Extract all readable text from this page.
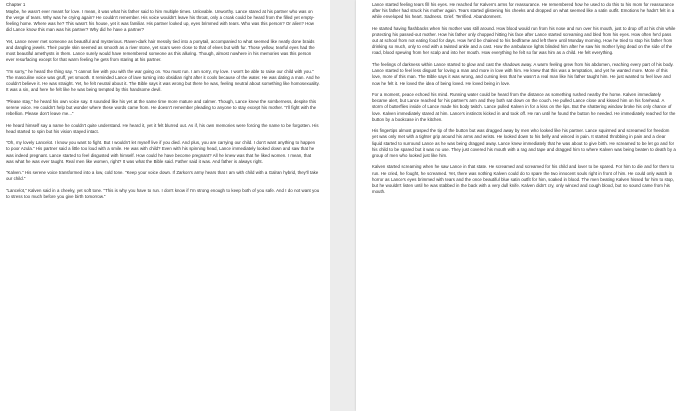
Chapter 1

Maybe, he wasn't ever meant for love. I mean, it was what his father said to him multiple times. Unlovable. Unworthy. Lance stared at his partner who was on the verge of tears. Why was he crying again? He couldn't remember. His voice wouldn't leave his throat, only a croak could be heard from the filled yet empty-feeling home. Where was he? This wasn't his house, yet it was familiar. His partner looked up, eyes brimmed with tears. Who was this person? Or alien? How did Lance know this man was his partner? Why did he have a partner?

Yet, Lance never met someone as beautiful and mysterious. Raven-dark hair messily tied into a ponytail, accompanied to what seemed like neatly done braids and dangling jewels. Their purple skin seemed as smooth as a river stone, yet scars were close to that of elves but with fur. Those yellow, tearful eyes had the most beautiful amethysts in them. Lance surely would have remembered someone as this alluring. Though, almost nowhere in his memories was this person ever resurfacing except for that warm feeling he gets from staring at his partner.

"I'm sorry," he heard the thing say. "I cannot live with you with the war going on. You must run. I am sorry, my love. I won't be able to raise our child with you." The masculine voice was gruff, yet smooth. It reminded Lance of lave turning into obsidian right after it cools because of the water. He was dating a man. And he couldn't believe it. He was straight. Yet, he felt neutral about it. The Bible says it was wrong but there he was, feeling neutral about something like homosexuality. It was a sin, and here he felt like he was being tempted by this handsome devil.

"Please stay," he heard his own voice say. It sounded like his yet at the same time more mature and calmer. Though, Lance knew the somberness, despite this serene voice. He couldn't help but wonder where these words came from. He doesn't remember pleading to anyone to stay except his mother. "I'll fight with the rebellion. Please don't leave me..."

He heard himself say a name he couldn't quite understand. He heard it, yet it felt blurred out. As if, his own memories were forcing the name to be forgotten. His head started to spin but his vision stayed intact.

"Oh, my lovely Lancelot. I know you want to fight. But I wouldn't let myself live if you died. And plus, you are carrying our child. I don't want anything to happen to poor Azula." His partner said a little too loud with a smile. He was with child? Even with his spinning head, Lance immediately looked down and saw that he was indeed pregnant. Lance started to feel disgusted with himself. How could he have become pregnant? All he knew was that he liked women. I mean, that was what he was ever taught. Real men like women, right? It was what the Bible said. Father said it was. And father is always right.

"Kalven." His serene voice transformed into a low, cold tone. "Keep your voice down. If Zarkon's army hears that I am with child with a Galran hybrid, they'll take our child."

"Lancelot," Kalven said in a cheeky, yet soft tone. "This is why you have to run. I don't know if I'm strong enough to keep both of you safe. And I do not want you to stress too much before you give birth tomorrow."

Lance started feeling tears fill his eyes. He reached for Kalven's arms for reassurance. He remembered how he used to do this to his mom for reassurance after his father had struck his mother again. Tears started glistening his cheeks and dropped on what seemed like a satin outfit. Emotions he hadn't felt in a while enveloped his heart. Sadness. Grief. Terrified. Abandonment.

He started having flashbacks when his mother was still around. How blood would run from his nose and run over his mouth, just to drop off at his chin while protecting his passed-out mother. How his father only chopped hitting his face after Lance started screaming and bled from his eyes. How often he'd pass out at school from not eating food for days. How he'd be chained to his bedframe and left there until Monday morning. How he tried to stop his father from drinking so much, only to end with a twisted ankle and a cast. How the ambulance lights blinded him after he saw his mother lying dead on the side of the road, blood spewing from her scalp and into her mouth. How everything he felt so far was him as a child. He felt everything.

The feelings of darkness within Lance started to glow and cast the shadows away. A warm feeling grew from his abdomen, reaching every part of his body. Lance started to feel less disgust for loving a man and more in love with him. He knew that this was a temptation, and yet he wanted more. More of this love, more of this man. The Bible says it was wrong, and cursing less that he wasn't a real man like his father taught him. He just wanted to feel love and now he felt it. He loved the idea of being loved. He loved being in love.

For a moment, peace echoed his mind. Running water could be heard from the distance as something rushed nearby the home. Kalven immediately became alert, but Lance reached for his partner's arm and they both sat down on the couch. He pulled Lance close and kissed him on his forehead. A storm of butterflies inside of Lance made his body twitch. Lance pulled Kalven in for a kiss on the lips. But the shattering window broke his only chance of love. Kalven immediately stared at him. Lance's instincts kicked in and took off. He ran until he found the button he needed. He immediately reached for the button by a bookcase in the kitchen.

His fingertips almost grasped the tip of the button but was dragged away by men who looked like his partner. Lance squirmed and screamed for freedom yet was only met with a tighter grip around his arms and wrists. He looked down to his belly and winced in pain. It started throbbing in pain and a clear liquid started to surround Lance as he was being dragged away. Lance knew immediately that he was about to give birth. He screamed to be let go and for his child to be spared but it was no use. They just covered his mouth with a rag and tape and dragged him to where Kalven was being beaten to death by a group of men who looked just like him.

Kalven started screaming when he saw Lance in that state. He screamed and screamed for his child and lover to be spared. For him to die and for them to run. He cried, he fought, he screamed. Yet, there was nothing Kalven could do to spare the two innocent souls right in front of him. He could only watch in horror as Lance's eyes brimmed with tears and the once beautiful blue satin outfit for him, soaked in blood. The men beating Kalven hissed for him to stop, but he wouldn't listen until he was stabbed in the back with a very dull knife. Kalven didn't cry, only winced and cough blood, but no sound came from his mouth.
